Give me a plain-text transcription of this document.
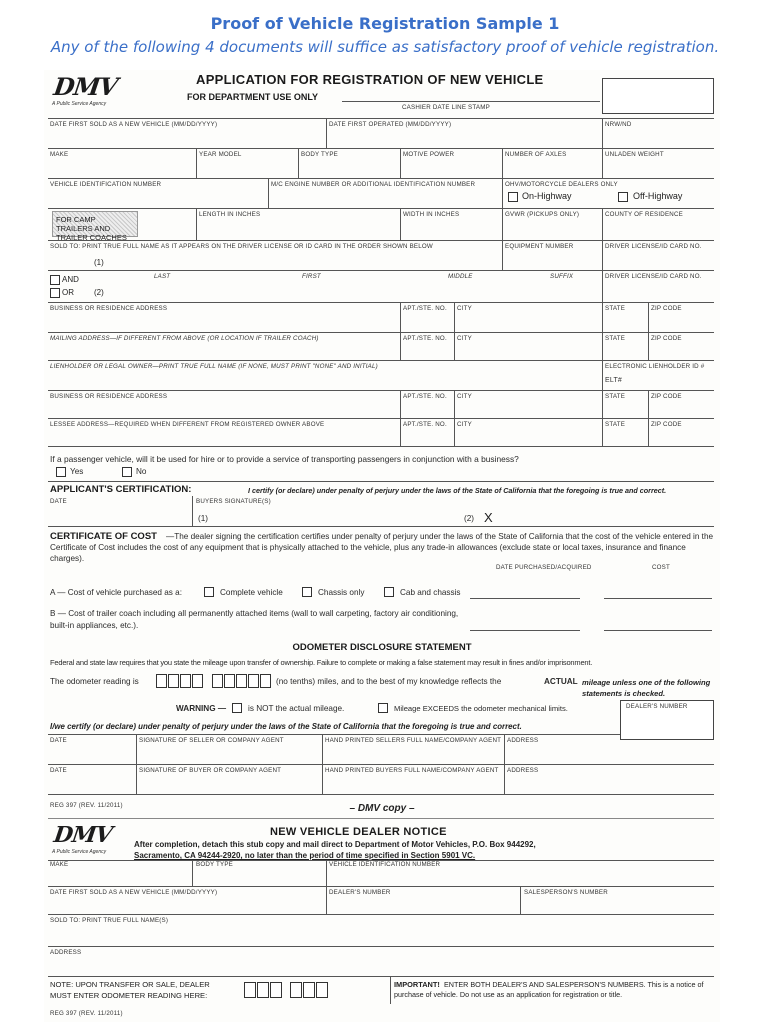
Proof of Vehicle Registration Sample 1
Any of the following 4 documents will suffice as satisfactory proof of vehicle registration.
DMV
A Public Service Agency
APPLICATION FOR REGISTRATION OF NEW VEHICLE
FOR DEPARTMENT USE ONLY
CASHIER DATE LINE STAMP
DATE FIRST SOLD AS A NEW VEHICLE (MM/DD/YYYY)	DATE FIRST OPERATED (MM/DD/YYYY)	NRW/ND
MAKE	YEAR MODEL	BODY TYPE	MOTIVE POWER	NUMBER OF AXLES	UNLADEN WEIGHT
VEHICLE IDENTIFICATION NUMBER	M/C ENGINE NUMBER OR ADDITIONAL IDENTIFICATION NUMBER	OHV/MOTORCYCLE DEALERS ONLY
On-Highway	Off-Highway
FOR CAMP TRAILERS AND TRAILER COACHES
LENGTH IN INCHES	WIDTH IN INCHES	GVWR (PICKUPS ONLY)	COUNTY OF RESIDENCE
SOLD TO: PRINT TRUE FULL NAME AS IT APPEARS ON THE DRIVER LICENSE OR ID CARD IN THE ORDER SHOWN BELOW	EQUIPMENT NUMBER	DRIVER LICENSE/ID CARD NO.
(1)
LAST	FIRST	MIDDLE	SUFFIX	DRIVER LICENSE/ID CARD NO.
AND
OR	(2)
BUSINESS OR RESIDENCE ADDRESS	APT./STE. NO. CITY	STATE	ZIP CODE
MAILING ADDRESS—IF DIFFERENT FROM ABOVE (OR LOCATION IF TRAILER COACH)	APT./STE. NO. CITY	STATE	ZIP CODE
LIENHOLDER OR LEGAL OWNER—PRINT TRUE FULL NAME (IF NONE, MUST PRINT "NONE" AND INITIAL)	ELECTRONIC LIENHOLDER ID #
ELT#
BUSINESS OR RESIDENCE ADDRESS	APT./STE. NO. CITY	STATE	ZIP CODE
LESSEE ADDRESS—REQUIRED WHEN DIFFERENT FROM REGISTERED OWNER ABOVE	APT./STE. NO. CITY	STATE	ZIP CODE
If a passenger vehicle, will it be used for hire or to provide a service of transporting passengers in conjunction with a business?
Yes	No
APPLICANT'S CERTIFICATION:	I certify (or declare) under penalty of perjury under the laws of the State of California that the foregoing is true and correct.
DATE	BUYERS SIGNATURE(S)
(1)	(2) X
CERTIFICATE OF COST	—The dealer signing the certification certifies under penalty of perjury under the laws of the State of California that the cost of the vehicle entered in the Certificate of Cost includes the cost of any equipment that is physically attached to the vehicle, plus any trade-in allowances (exclude state or local taxes, insurance and finance charges).
DATE PURCHASED/ACQUIRED	COST
A — Cost of vehicle purchased as a:	Complete vehicle	Chassis only	Cab and chassis
B — Cost of trailer coach including all permanently attached items (wall to wall carpeting, factory air conditioning, built-in appliances, etc.).
ODOMETER DISCLOSURE STATEMENT
Federal and state law requires that you state the mileage upon transfer of ownership. Failure to complete or making a false statement may result in fines and/or imprisonment.
The odometer reading is	(no tenths) miles, and to the best of my knowledge reflects the	ACTUAL mileage unless one of the following statements is checked.
WARNING —	is NOT the actual mileage.	Mileage EXCEEDS the odometer mechanical limits.	DEALER'S NUMBER
I/we certify (or declare) under penalty of perjury under the laws of the State of California that the foregoing is true and correct.
DATE	SIGNATURE OF SELLER OR COMPANY AGENT	HAND PRINTED SELLERS FULL NAME/COMPANY AGENT ADDRESS
DATE	SIGNATURE OF BUYER OR COMPANY AGENT	HAND PRINTED BUYERS FULL NAME/COMPANY AGENT ADDRESS
REG 397 (REV. 11/2011)	– DMV copy –
DMV
A Public Service Agency
NEW VEHICLE DEALER NOTICE
After completion, detach this stub copy and mail direct to Department of Motor Vehicles, P.O. Box 944292,
Sacramento, CA 94244-2920, no later than the period of time specified in Section 5901 VC.
MAKE	BODY TYPE	VEHICLE IDENTIFICATION NUMBER
DATE FIRST SOLD AS A NEW VEHICLE (MM/DD/YYYY)	DEALER'S NUMBER	SALESPERSON'S NUMBER
SOLD TO: PRINT TRUE FULL NAME(S)
ADDRESS
NOTE: UPON TRANSFER OR SALE, DEALER
MUST ENTER ODOMETER READING HERE:
IMPORTANT! ENTER BOTH DEALER'S AND SALESPERSON'S NUMBERS. This is a notice of purchase of vehicle. Do not use as an application for registration or title.
REG 397 (REV. 11/2011)
